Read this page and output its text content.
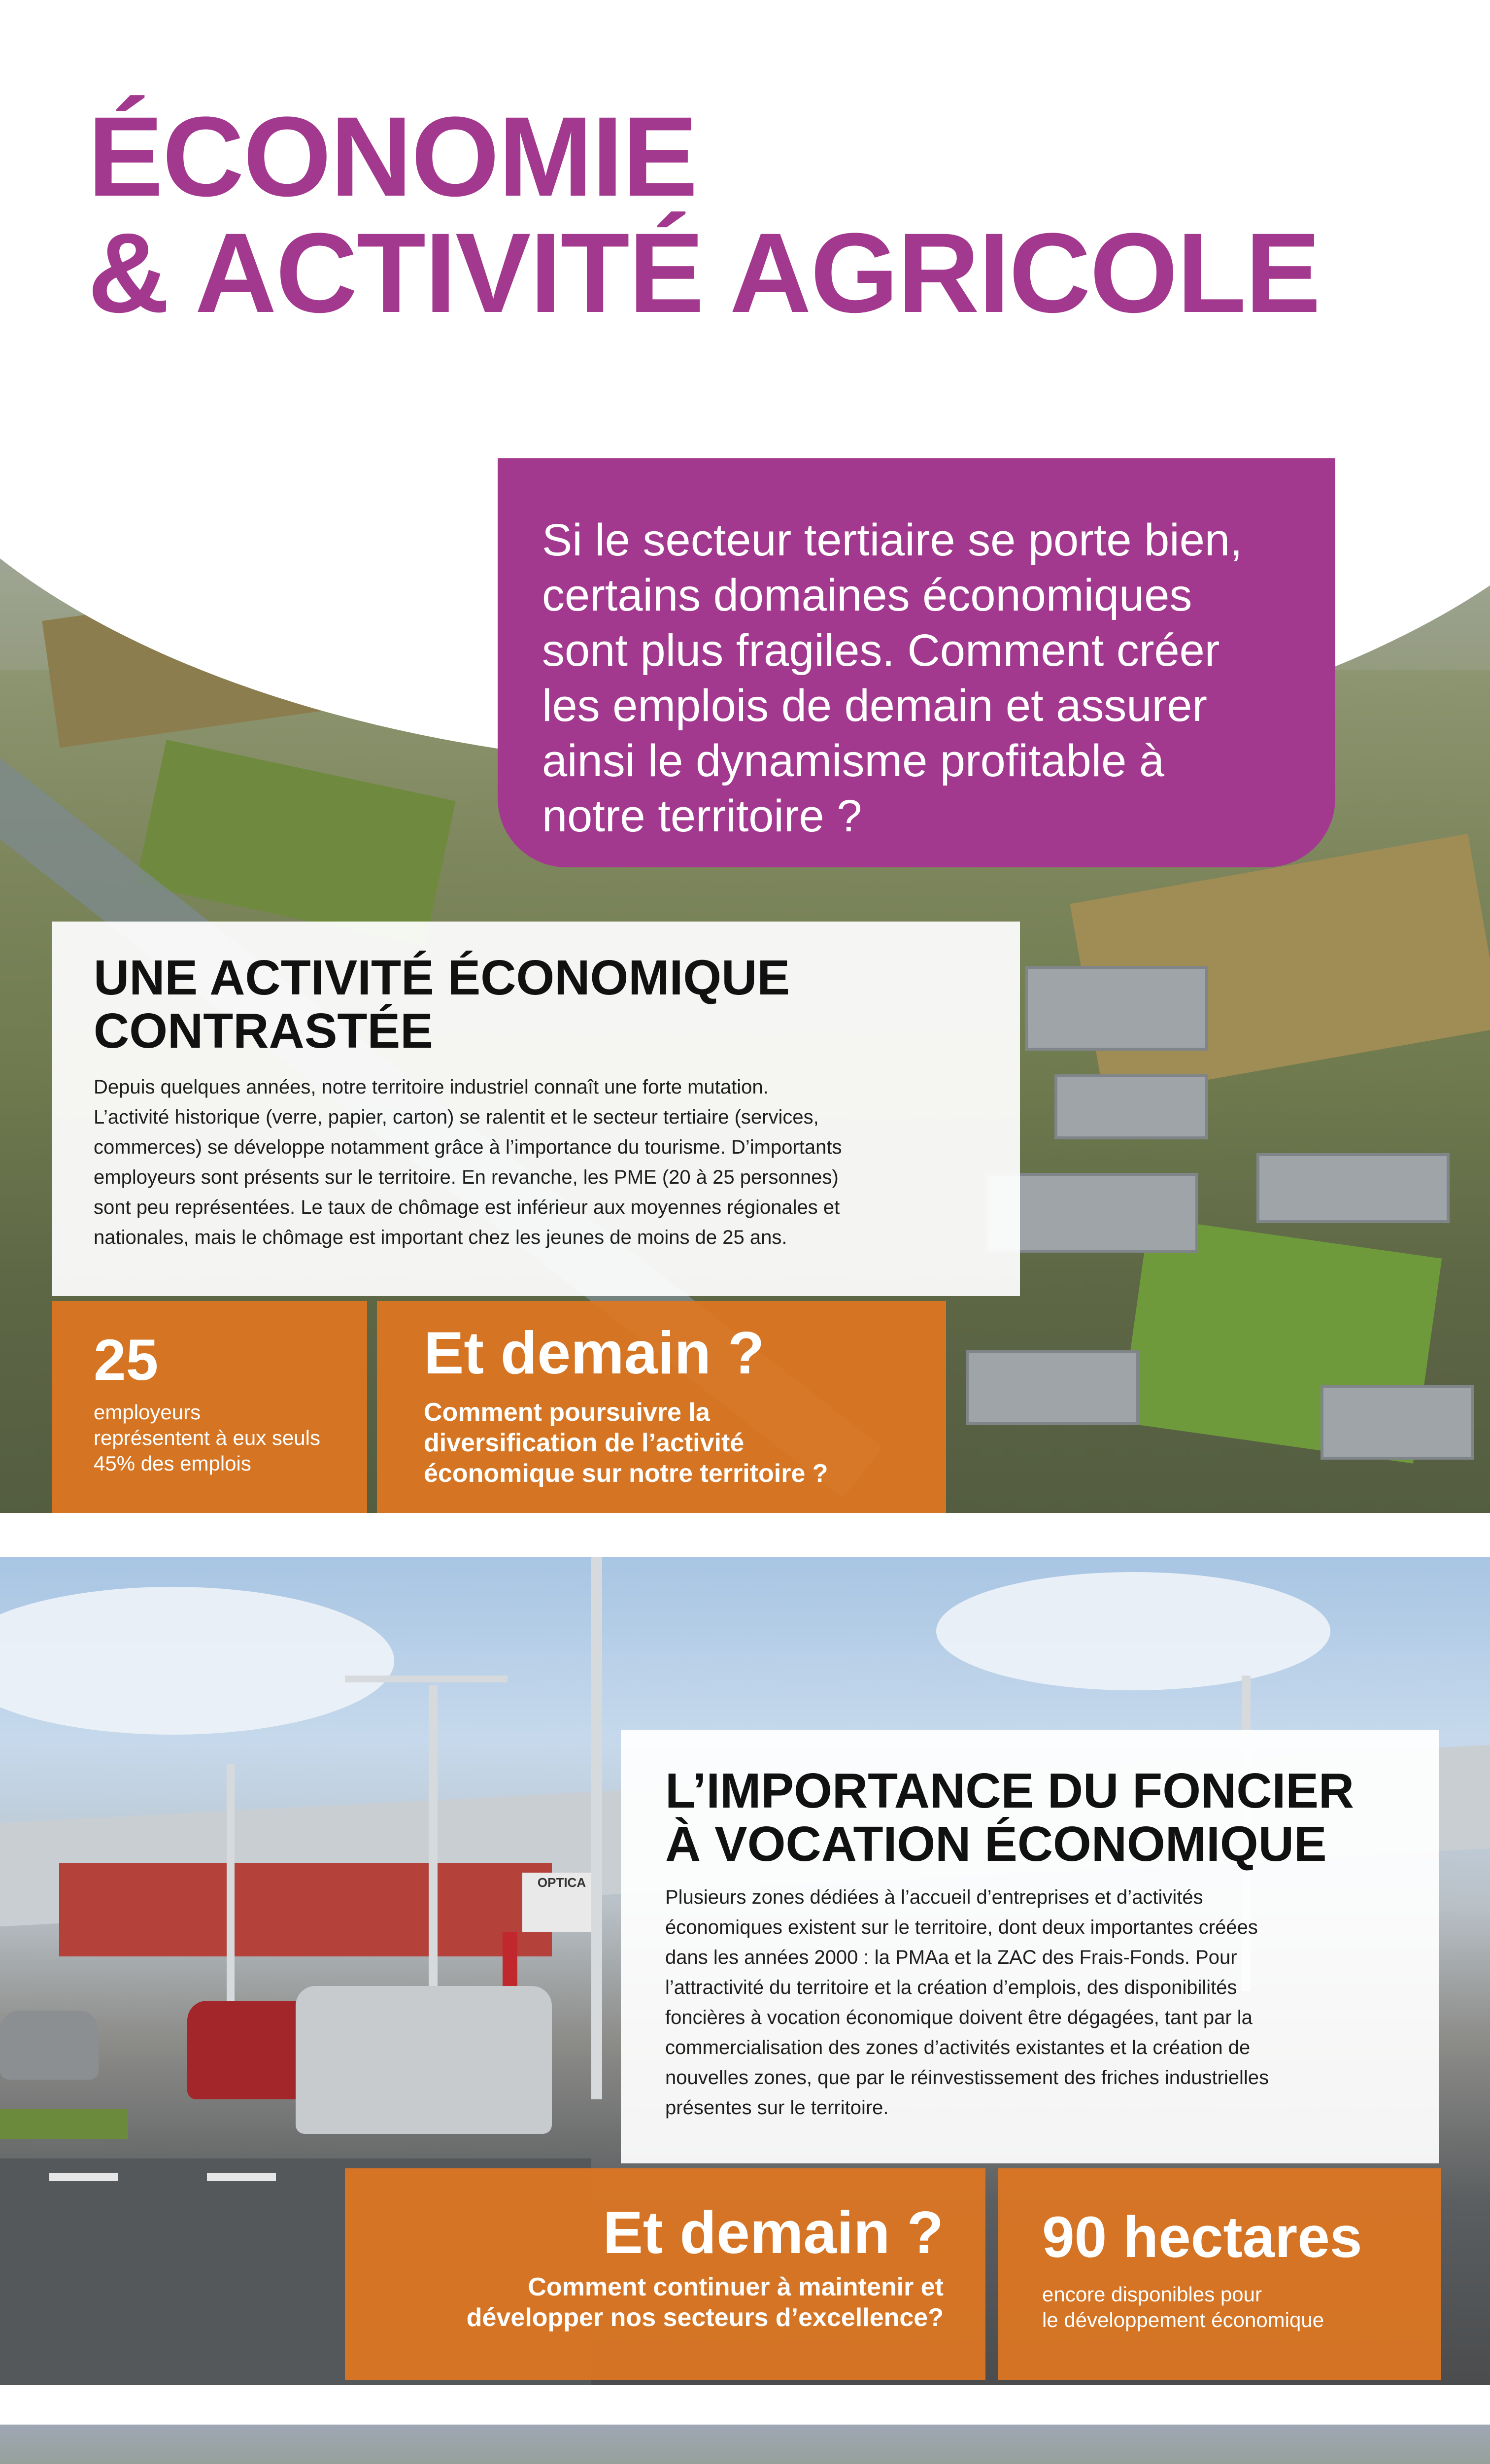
ÉCONOMIE
& ACTIVITÉ AGRICOLE
Si le secteur tertiaire se porte bien,
certains domaines économiques
sont plus fragiles. Comment créer
les emplois de demain et assurer
ainsi le dynamisme profitable à
notre territoire ?
UNE ACTIVITÉ ÉCONOMIQUE
CONTRASTÉE
Depuis quelques années, notre territoire industriel connaît une forte mutation.
L’activité historique (verre, papier, carton) se ralentit et le secteur tertiaire (services,
commerces) se développe notamment grâce à l’importance du tourisme. D’importants
employeurs sont présents sur le territoire. En revanche, les PME (20 à 25 personnes)
sont peu représentées. Le taux de chômage est inférieur aux moyennes régionales et
nationales, mais le chômage est important chez les jeunes de moins de 25 ans.
25
employeurs
représentent à eux seuls
45% des emplois
Et demain ?
Comment poursuivre la
diversification de l’activité
économique sur notre territoire ?
OPTICA
L’IMPORTANCE DU FONCIER
À VOCATION ÉCONOMIQUE
Plusieurs zones dédiées à l’accueil d’entreprises et d’activités
économiques existent sur le territoire, dont deux importantes créées
dans les années 2000 : la PMAa et la ZAC des Frais-Fonds. Pour
l’attractivité du territoire et la création d’emplois, des disponibilités
foncières à vocation économique doivent être dégagées, tant par la
commercialisation des zones d’activités existantes et la création de
nouvelles zones, que par le réinvestissement des friches industrielles
présentes sur le territoire.
Et demain ?
Comment continuer à maintenir et
développer nos secteurs d’excellence?
90 hectares
encore disponibles pour
le développement économique
